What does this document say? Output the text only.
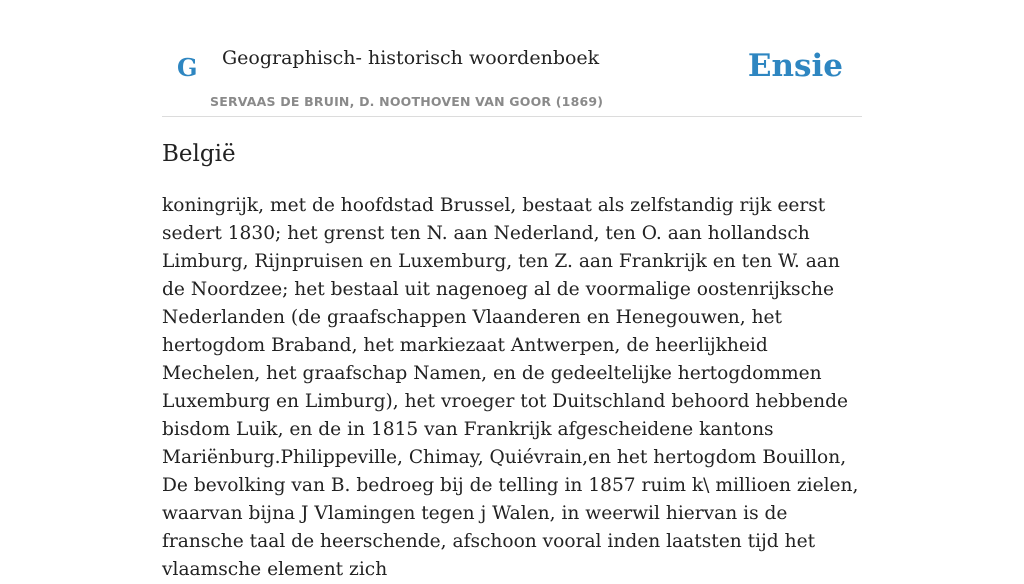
G Geographisch- historisch woordenboek
SERVAAS DE BRUIN, D. NOOTHOVEN VAN GOOR (1869)
Ensie
België

koningrijk, met de hoofdstad Brussel, bestaat als zelfstandig rijk eerst sedert 1830; het grenst ten N. aan Nederland, ten O. aan hollandsch Limburg, Rijnpruisen en Luxemburg, ten Z. aan Frankrijk en ten W. aan de Noordzee; het bestaal uit nagenoeg al de voormalige oostenrijksche Nederlanden (de graafschappen Vlaanderen en Henegouwen, het hertogdom Braband, het markiezaat Antwerpen, de heerlijkheid Mechelen, het graafschap Namen, en de gedeeltelijke hertogdommen Luxemburg en Limburg), het vroeger tot Duitschland behoord hebbende bisdom Luik, en de in 1815 van Frankrijk afgescheidene kantons Mariënburg.Philippeville, Chimay, Quiévrain,en het hertogdom Bouillon, De bevolking van B. bedroeg bij de telling in 1857 ruim k\ millioen zielen, waarvan bijna J Vlamingen tegen j Walen, in weerwil hiervan is de fransche taal de heerschende, afschoon vooral inden laatsten tijd het vlaamsche element zich
